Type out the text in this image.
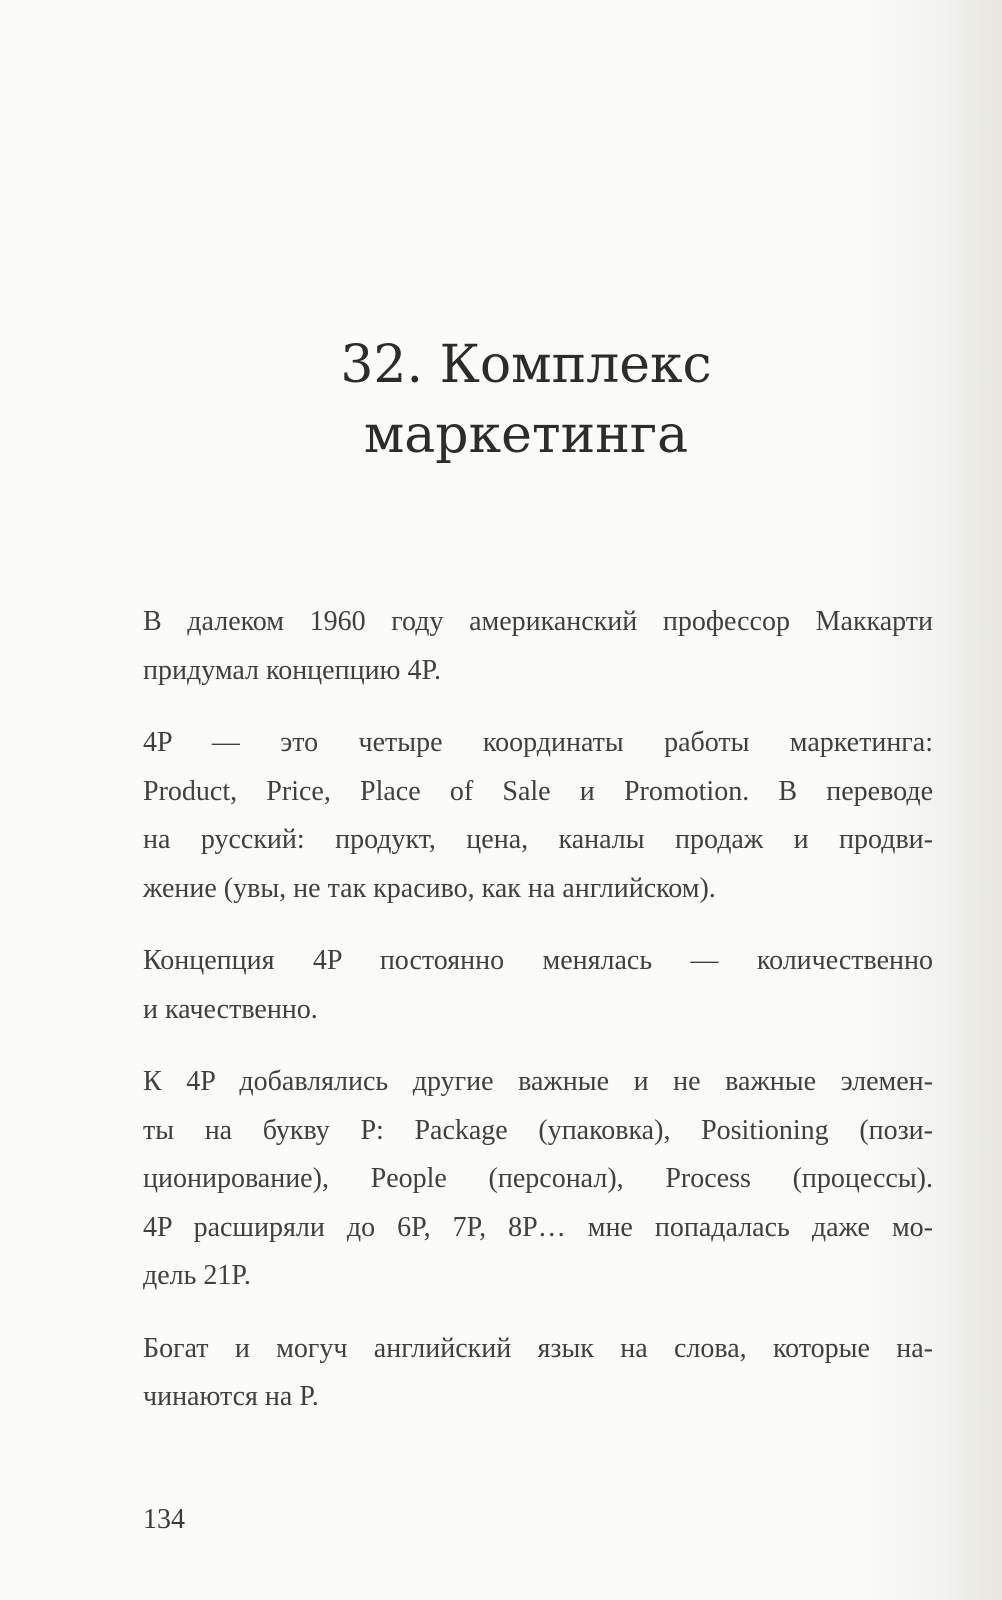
32. Комплекс
маркетинга

В далеком 1960 году американский профессор Маккарти
придумал концепцию 4P.

4P — это четыре координаты работы маркетинга:
Product, Price, Place of Sale и Promotion. В переводе
на русский: продукт, цена, каналы продаж и продви-
жение (увы, не так красиво, как на английском).

Концепция 4P постоянно менялась — количественно
и качественно.

К 4P добавлялись другие важные и не важные элемен-
ты на букву P: Package (упаковка), Positioning (пози-
ционирование), People (персонал), Process (процессы).
4P расширяли до 6P, 7P, 8P… мне попадалась даже мо-
дель 21P.

Богат и могуч английский язык на слова, которые на-
чинаются на P.

134
